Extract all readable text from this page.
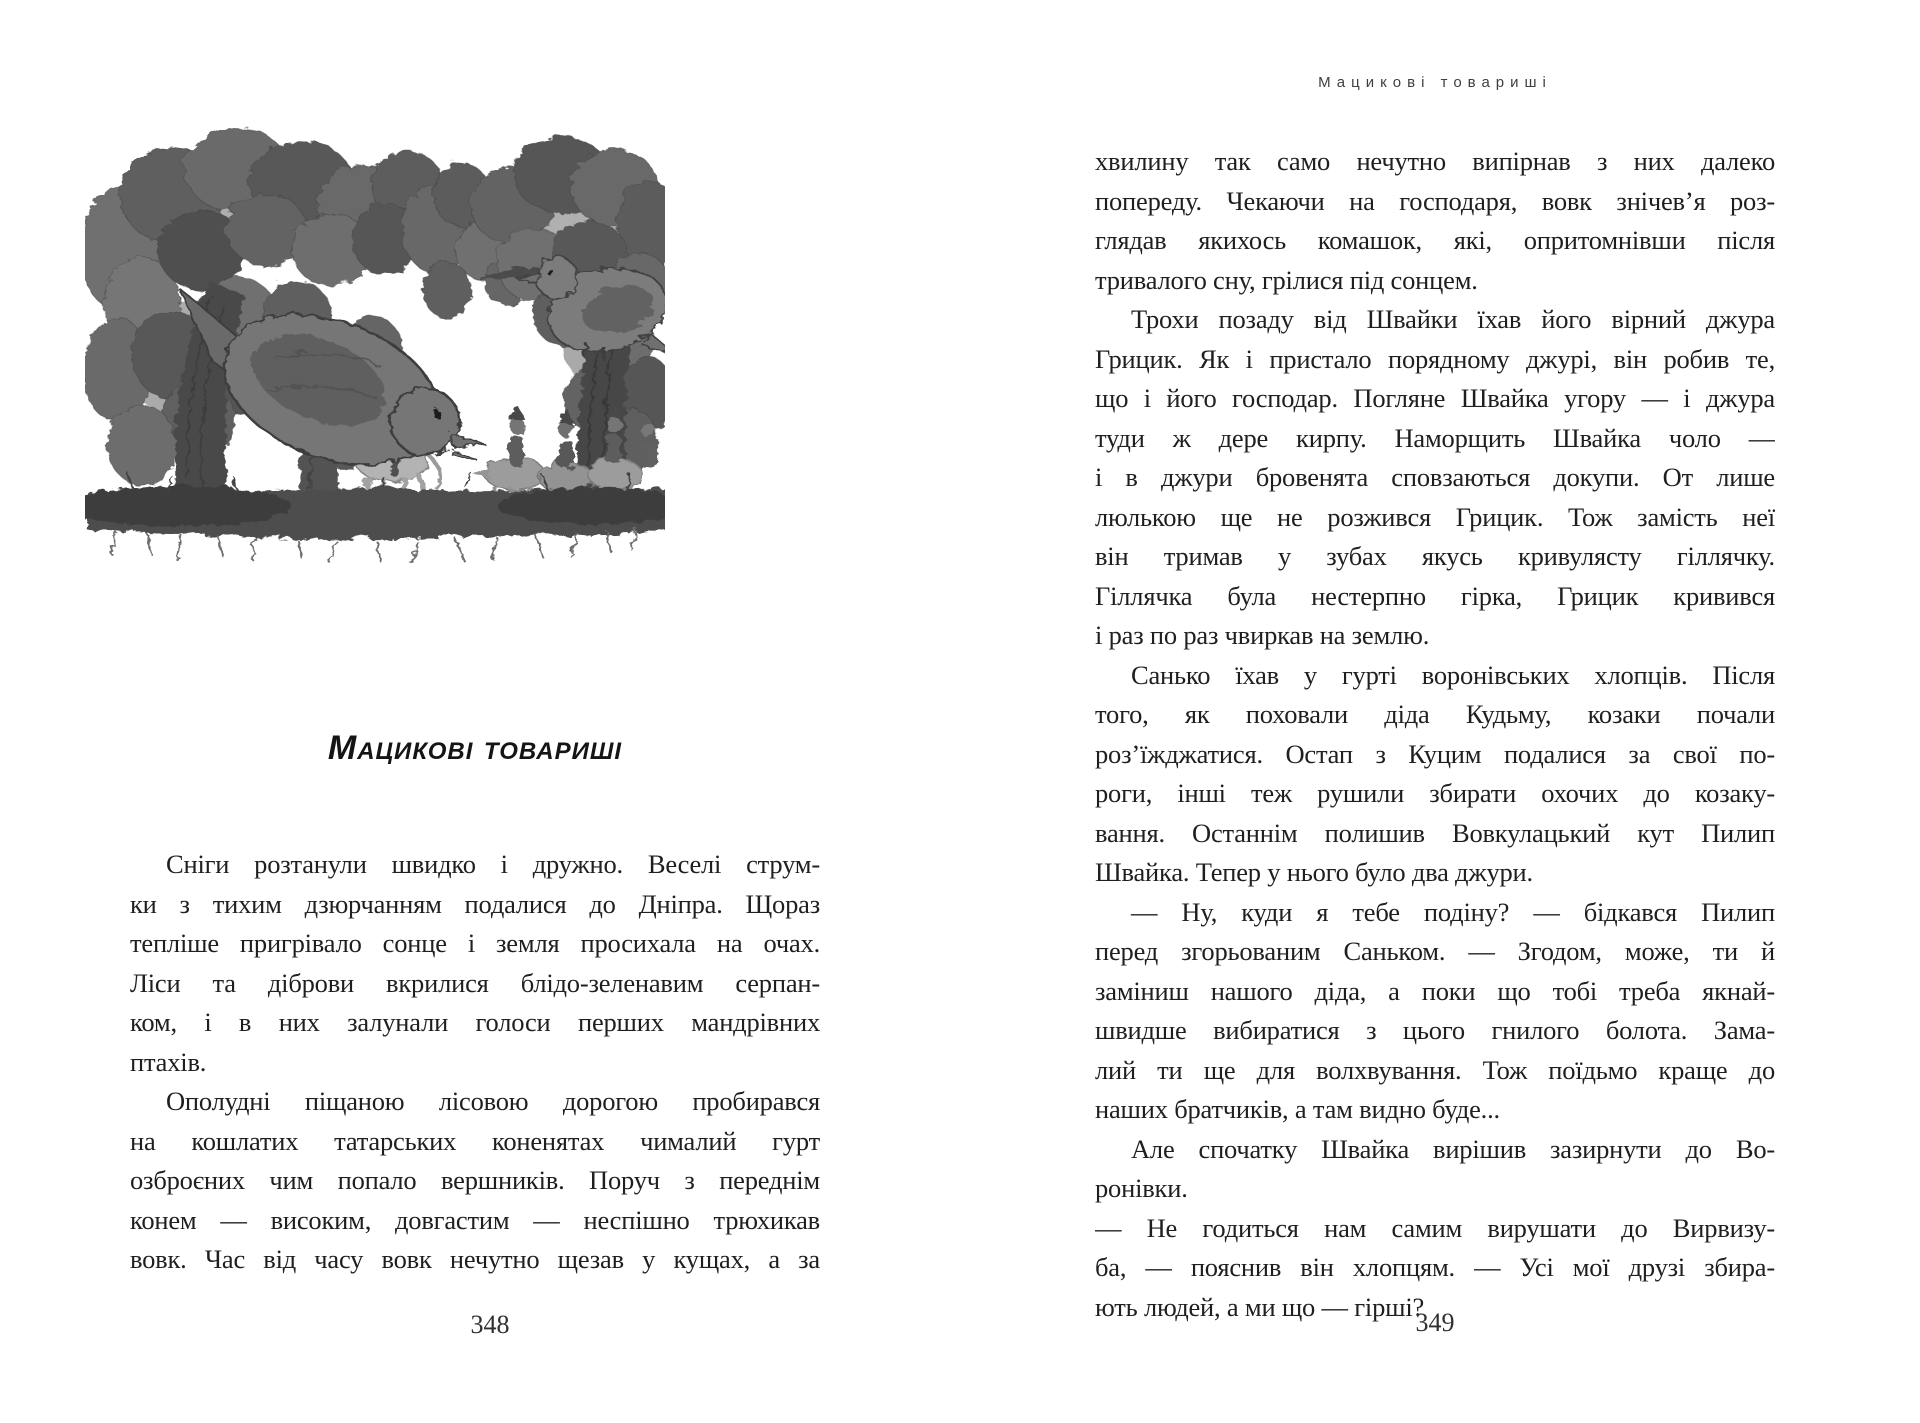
Мацикові товариші
Сніги розтанули швидко і дружно. Веселі струм-
ки з тихим дзюрчанням подалися до Дніпра. Щораз
тепліше пригрівало сонце і земля просихала на очах.
Ліси та діброви вкрилися блідо-зеленавим серпан-
ком, і в них залунали голоси перших мандрівних
птахів.
Ополудні піщаною лісовою дорогою пробирався
на кошлатих татарських коненятах чималий гурт
озброєних чим попало вершників. Поруч з переднім
конем — високим, довгастим — неспішно трюхикав
вовк. Час від часу вовк нечутно щезав у кущах, а за
348
Мацикові товариші
хвилину так само нечутно випірнав з них далеко
попереду. Чекаючи на господаря, вовк знічев’я роз-
глядав якихось комашок, які, опритомнівши після
тривалого сну, грілися під сонцем.
Трохи позаду від Швайки їхав його вірний джура
Грицик. Як і пристало порядному джурі, він робив те,
що і його господар. Погляне Швайка угору — і джура
туди ж дере кирпу. Наморщить Швайка чоло —
і в джури бровенята сповзаються докупи. От лише
люлькою ще не розжився Грицик. Тож замість неї
він тримав у зубах якусь кривулясту гіллячку.
Гіллячка була нестерпно гірка, Грицик кривився
і раз по раз чвиркав на землю.
Санько їхав у гурті воронівських хлопців. Після
того, як поховали діда Кудьму, козаки почали
роз’їжджатися. Остап з Куцим подалися за свої по-
роги, інші теж рушили збирати охочих до козаку-
вання. Останнім полишив Вовкулацький кут Пилип
Швайка. Тепер у нього було два джури.
— Ну, куди я тебе подіну? — бідкався Пилип
перед згорьованим Саньком. — Згодом, може, ти й
заміниш нашого діда, а поки що тобі треба якнай-
швидше вибиратися з цього гнилого болота. Зама-
лий ти ще для волхвування. Тож поїдьмо краще до
наших братчиків, а там видно буде...
Але спочатку Швайка вирішив зазирнути до Во-
ронівки.
— Не годиться нам самим вирушати до Вирвизу-
ба, — пояснив він хлопцям. — Усі мої друзі збира-
ють людей, а ми що — гірші?
349
